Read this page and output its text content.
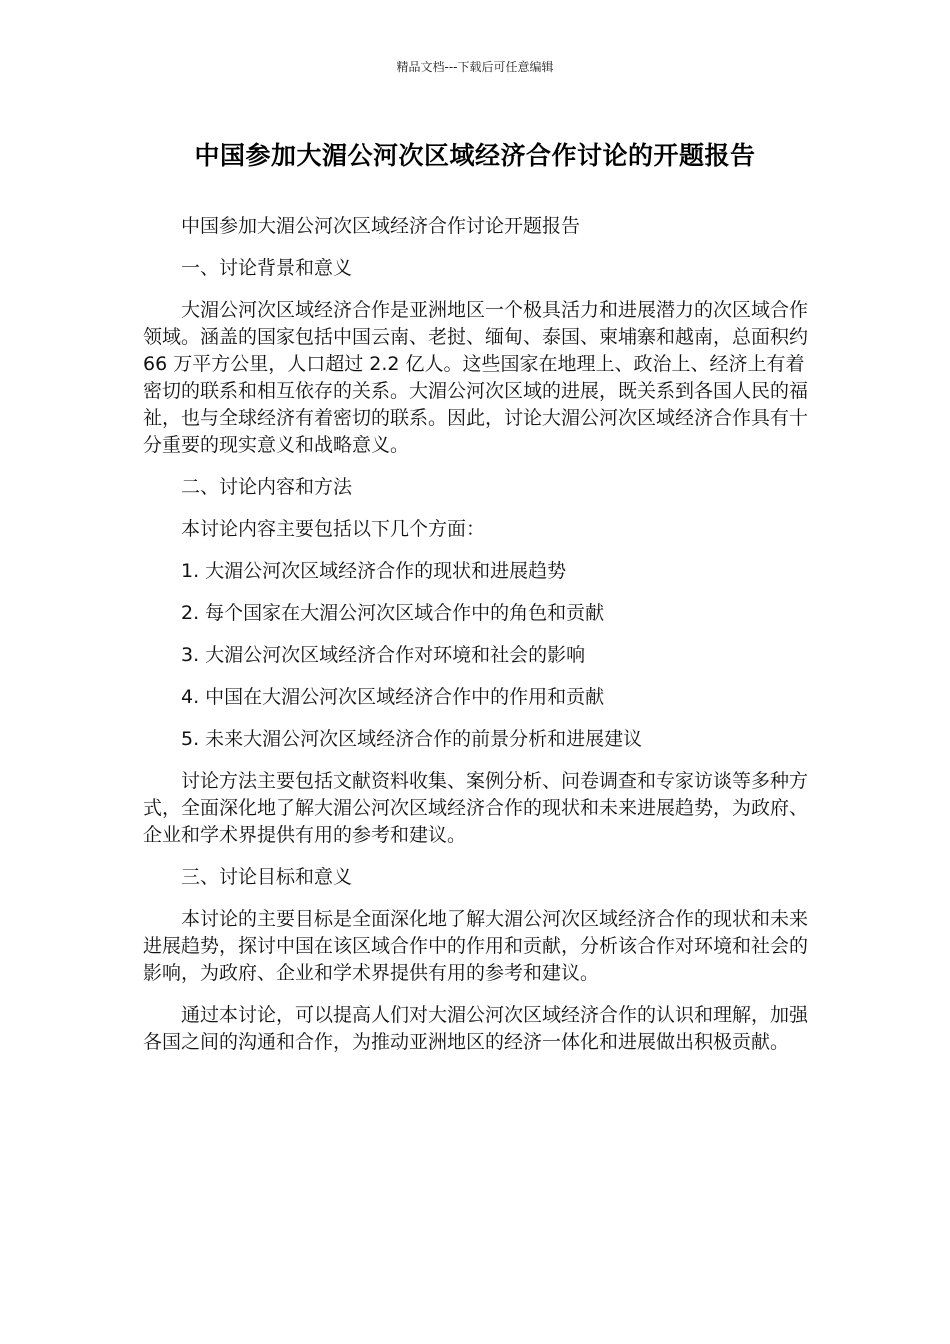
精品文档---下载后可任意编辑
中国参加大湄公河次区域经济合作讨论的开题报告

中国参加大湄公河次区域经济合作讨论开题报告

一、讨论背景和意义

大湄公河次区域经济合作是亚洲地区一个极具活力和进展潜力的次区域合作领域。涵盖的国家包括中国云南、老挝、缅甸、泰国、柬埔寨和越南，总面积约 66 万平方公里，人口超过 2.2 亿人。这些国家在地理上、政治上、经济上有着密切的联系和相互依存的关系。大湄公河次区域的进展，既关系到各国人民的福祉，也与全球经济有着密切的联系。因此，讨论大湄公河次区域经济合作具有十分重要的现实意义和战略意义。

二、讨论内容和方法

本讨论内容主要包括以下几个方面：

1. 大湄公河次区域经济合作的现状和进展趋势

2. 每个国家在大湄公河次区域合作中的角色和贡献

3. 大湄公河次区域经济合作对环境和社会的影响

4. 中国在大湄公河次区域经济合作中的作用和贡献

5. 未来大湄公河次区域经济合作的前景分析和进展建议

讨论方法主要包括文献资料收集、案例分析、问卷调查和专家访谈等多种方式，全面深化地了解大湄公河次区域经济合作的现状和未来进展趋势，为政府、企业和学术界提供有用的参考和建议。

三、讨论目标和意义

本讨论的主要目标是全面深化地了解大湄公河次区域经济合作的现状和未来进展趋势，探讨中国在该区域合作中的作用和贡献，分析该合作对环境和社会的影响，为政府、企业和学术界提供有用的参考和建议。

通过本讨论，可以提高人们对大湄公河次区域经济合作的认识和理解，加强各国之间的沟通和合作，为推动亚洲地区的经济一体化和进展做出积极贡献。
